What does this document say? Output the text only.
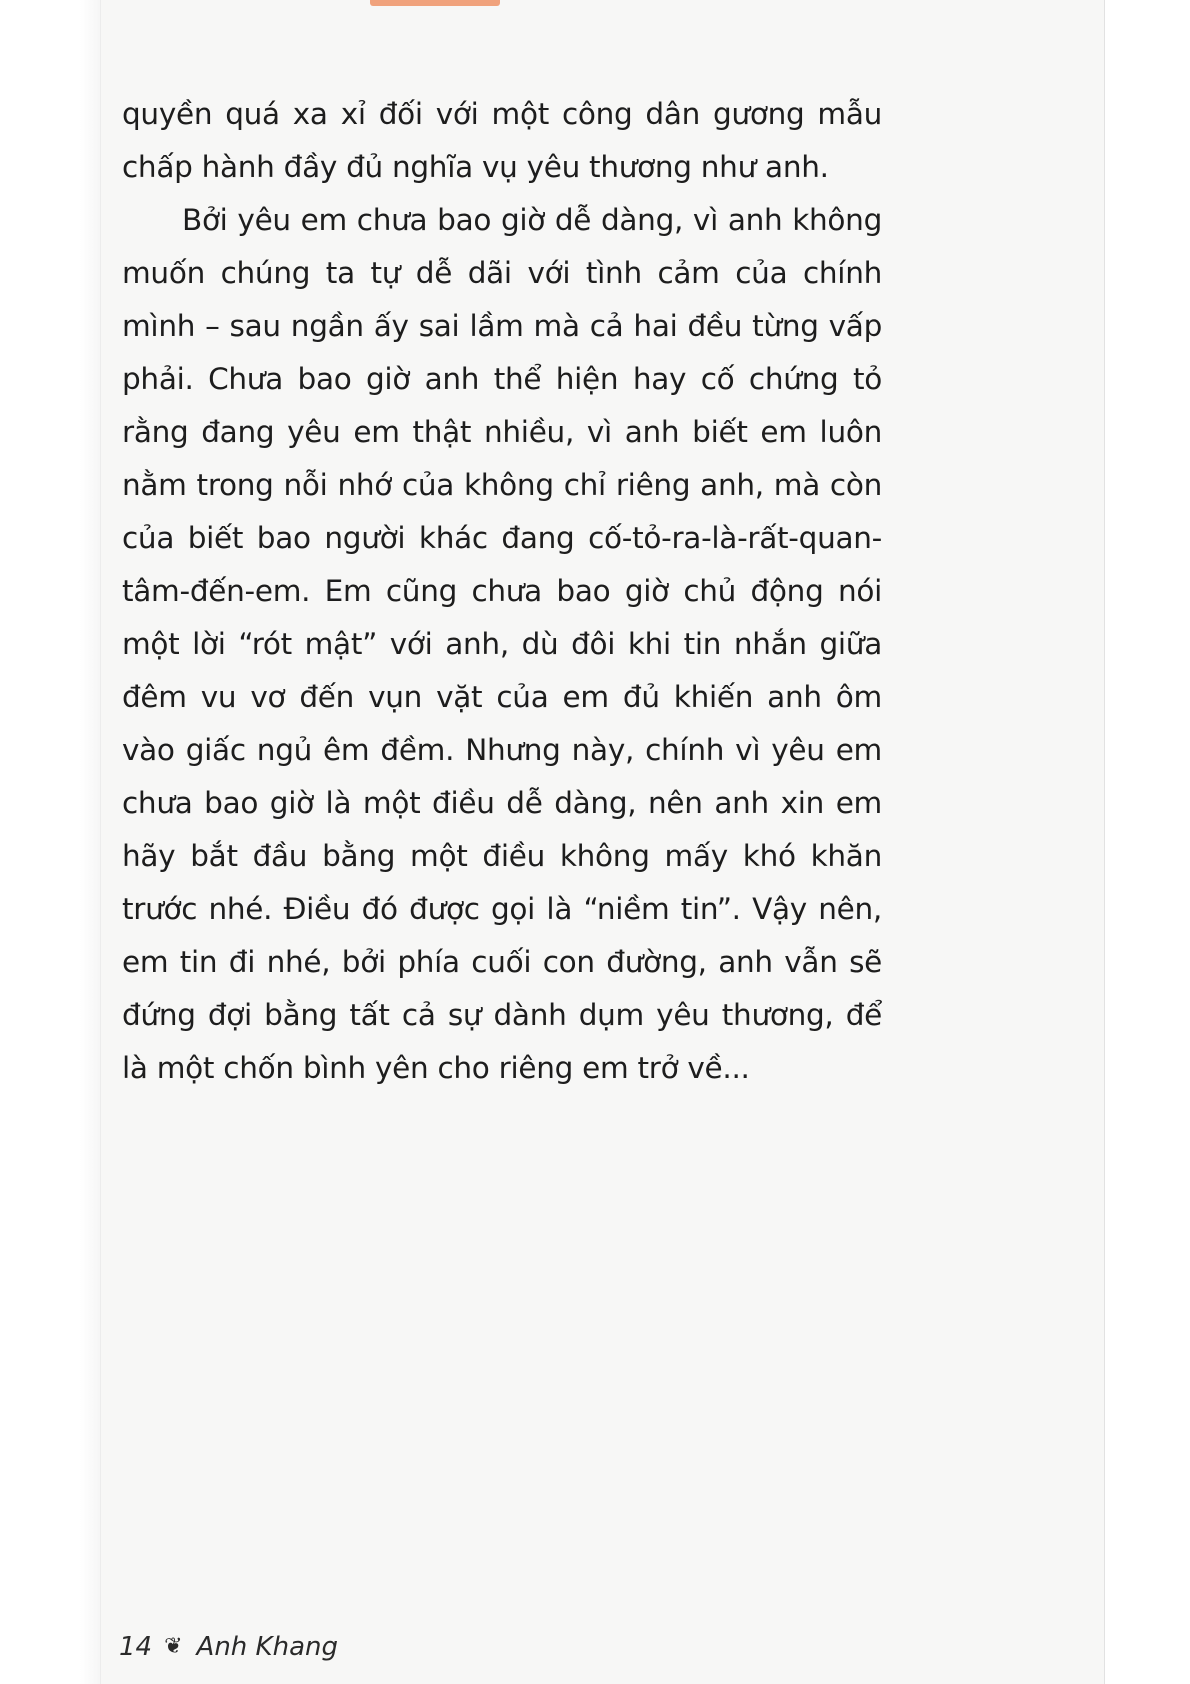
quyền quá xa xỉ đối với một công dân gương mẫu chấp hành đầy đủ nghĩa vụ yêu thương như anh.

Bởi yêu em chưa bao giờ dễ dàng, vì anh không muốn chúng ta tự dễ dãi với tình cảm của chính mình – sau ngần ấy sai lầm mà cả hai đều từng vấp phải. Chưa bao giờ anh thể hiện hay cố chứng tỏ rằng đang yêu em thật nhiều, vì anh biết em luôn nằm trong nỗi nhớ của không chỉ riêng anh, mà còn của biết bao người khác đang cố-tỏ-ra-là-rất-quan-tâm-đến-em. Em cũng chưa bao giờ chủ động nói một lời “rót mật” với anh, dù đôi khi tin nhắn giữa đêm vu vơ đến vụn vặt của em đủ khiến anh ôm vào giấc ngủ êm đềm. Nhưng này, chính vì yêu em chưa bao giờ là một điều dễ dàng, nên anh xin em hãy bắt đầu bằng một điều không mấy khó khăn trước nhé. Điều đó được gọi là “niềm tin”. Vậy nên, em tin đi nhé, bởi phía cuối con đường, anh vẫn sẽ đứng đợi bằng tất cả sự dành dụm yêu thương, để là một chốn bình yên cho riêng em trở về...

14 ❦ Anh Khang
